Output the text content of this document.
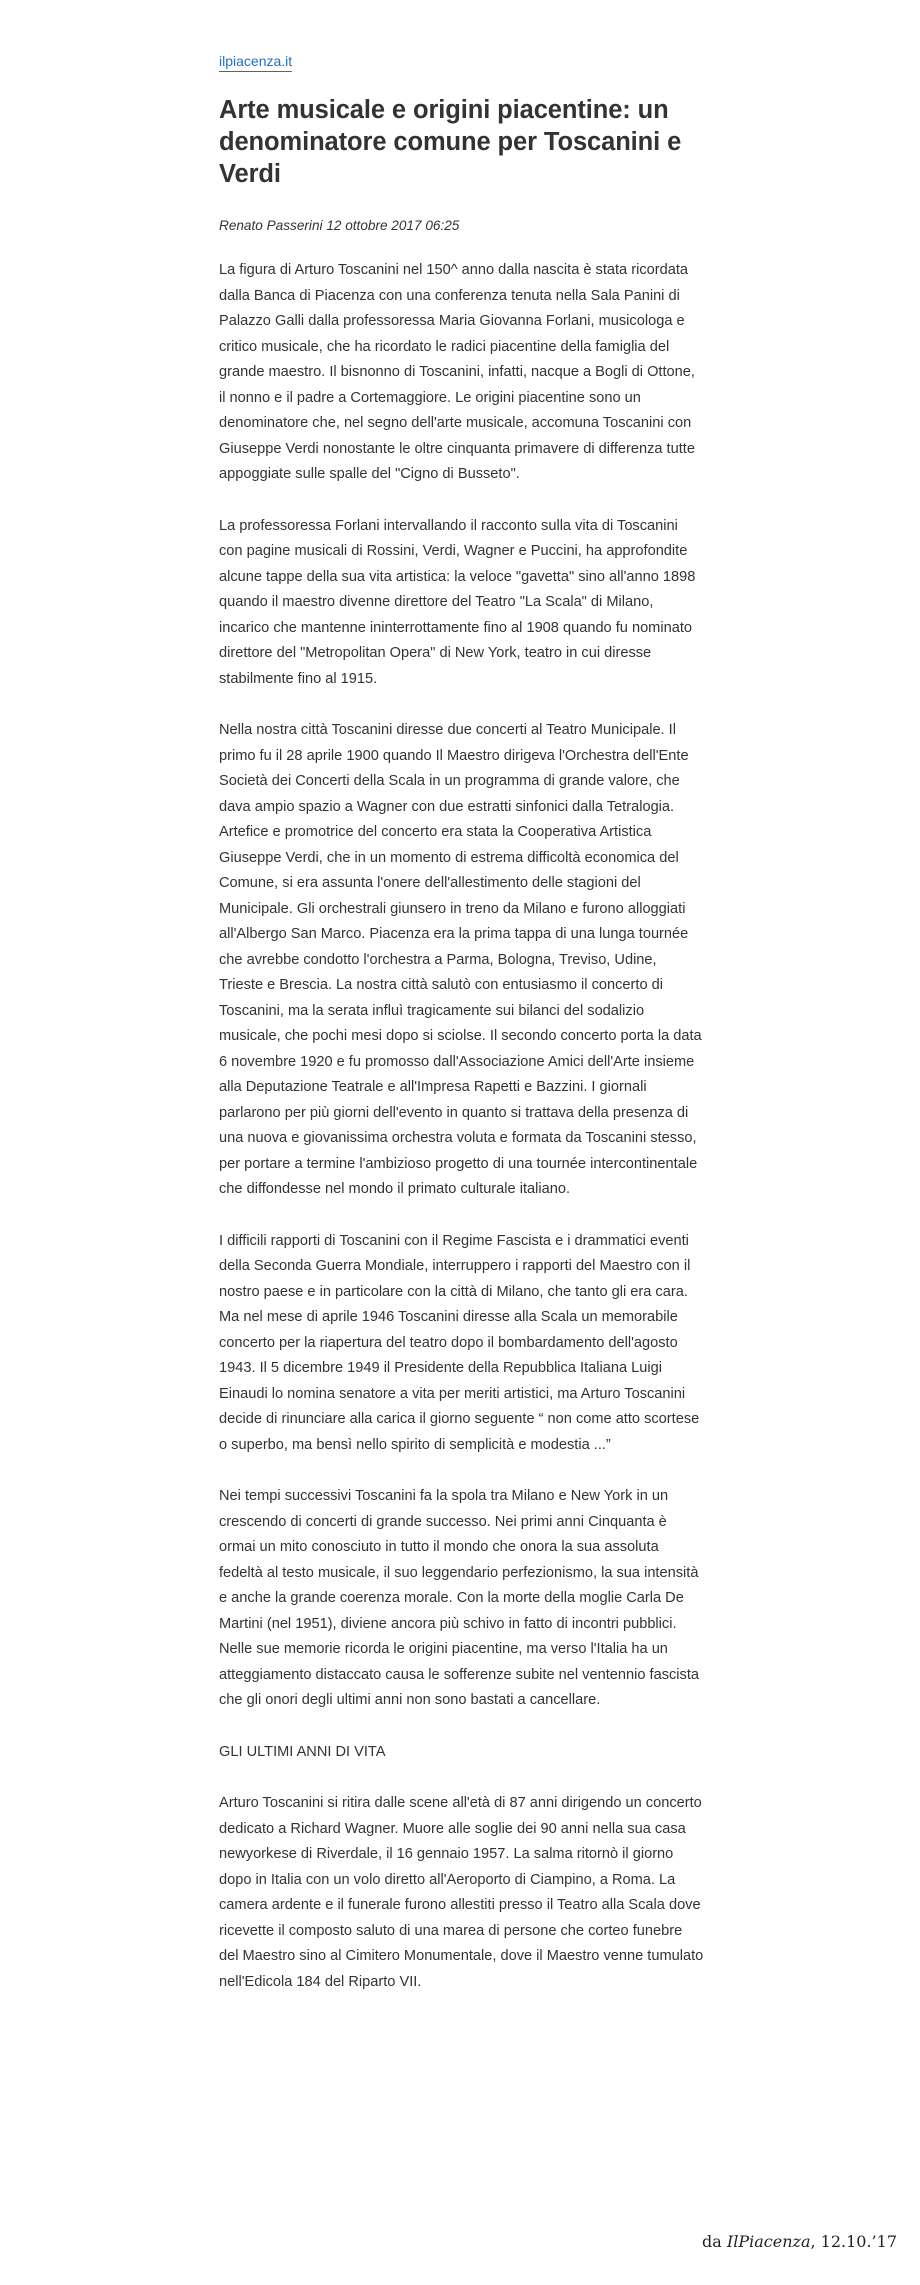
ilpiacenza.it
Arte musicale e origini piacentine: un denominatore comune per Toscanini e Verdi
Renato Passerini 12 ottobre 2017 06:25

La figura di Arturo Toscanini nel 150^ anno dalla nascita è stata ricordata dalla Banca di Piacenza con una conferenza tenuta nella Sala Panini di Palazzo Galli dalla professoressa Maria Giovanna Forlani, musicologa e critico musicale, che ha ricordato le radici piacentine della famiglia del grande maestro. Il bisnonno di Toscanini, infatti, nacque a Bogli di Ottone, il nonno e il padre a Cortemaggiore. Le origini piacentine sono un denominatore che, nel segno dell'arte musicale, accomuna Toscanini con Giuseppe Verdi nonostante le oltre cinquanta primavere di differenza tutte appoggiate sulle spalle del "Cigno di Busseto".

La professoressa Forlani intervallando il racconto sulla vita di Toscanini con pagine musicali di Rossini, Verdi, Wagner e Puccini, ha approfondite alcune tappe della sua vita artistica: la veloce "gavetta" sino all'anno 1898 quando il maestro divenne direttore del Teatro "La Scala" di Milano, incarico che mantenne ininterrottamente fino al 1908 quando fu nominato direttore del "Metropolitan Opera" di New York, teatro in cui diresse stabilmente fino al 1915.

Nella nostra città Toscanini diresse due concerti al Teatro Municipale. Il primo fu il 28 aprile 1900 quando Il Maestro dirigeva l'Orchestra dell'Ente Società dei Concerti della Scala in un programma di grande valore, che dava ampio spazio a Wagner con due estratti sinfonici dalla Tetralogia. Artefice e promotrice del concerto era stata la Cooperativa Artistica Giuseppe Verdi, che in un momento di estrema difficoltà economica del Comune, si era assunta l'onere dell'allestimento delle stagioni del Municipale. Gli orchestrali giunsero in treno da Milano e furono alloggiati all'Albergo San Marco. Piacenza era la prima tappa di una lunga tournée che avrebbe condotto l'orchestra a Parma, Bologna, Treviso, Udine, Trieste e Brescia. La nostra città salutò con entusiasmo il concerto di Toscanini, ma la serata influì tragicamente sui bilanci del sodalizio musicale, che pochi mesi dopo si sciolse. Il secondo concerto porta la data 6 novembre 1920 e fu promosso dall'Associazione Amici dell'Arte insieme alla Deputazione Teatrale e all'Impresa Rapetti e Bazzini. I giornali parlarono per più giorni dell'evento in quanto si trattava della presenza di una nuova e giovanissima orchestra voluta e formata da Toscanini stesso, per portare a termine l'ambizioso progetto di una tournée intercontinentale che diffondesse nel mondo il primato culturale italiano.

I difficili rapporti di Toscanini con il Regime Fascista e i drammatici eventi della Seconda Guerra Mondiale, interruppero i rapporti del Maestro con il nostro paese e in particolare con la città di Milano, che tanto gli era cara. Ma nel mese di aprile 1946 Toscanini diresse alla Scala un memorabile concerto per la riapertura del teatro dopo il bombardamento dell'agosto 1943. Il 5 dicembre 1949 il Presidente della Repubblica Italiana Luigi Einaudi lo nomina senatore a vita per meriti artistici, ma Arturo Toscanini decide di rinunciare alla carica il giorno seguente “ non come atto scortese o superbo, ma bensì nello spirito di semplicità e modestia ...”

Nei tempi successivi Toscanini fa la spola tra Milano e New York in un crescendo di concerti di grande successo. Nei primi anni Cinquanta è ormai un mito conosciuto in tutto il mondo che onora la sua assoluta fedeltà al testo musicale, il suo leggendario perfezionismo, la sua intensità e anche la grande coerenza morale. Con la morte della moglie Carla De Martini (nel 1951), diviene ancora più schivo in fatto di incontri pubblici. Nelle sue memorie ricorda le origini piacentine, ma verso l'Italia ha un atteggiamento distaccato causa le sofferenze subite nel ventennio fascista che gli onori degli ultimi anni non sono bastati a cancellare.

GLI ULTIMI ANNI DI VITA

Arturo Toscanini si ritira dalle scene all'età di 87 anni dirigendo un concerto dedicato a Richard Wagner. Muore alle soglie dei 90 anni nella sua casa newyorkese di Riverdale, il 16 gennaio 1957. La salma ritornò il giorno dopo in Italia con un volo diretto all'Aeroporto di Ciampino, a Roma. La camera ardente e il funerale furono allestiti presso il Teatro alla Scala dove ricevette il composto saluto di una marea di persone che corteo funebre del Maestro sino al Cimitero Monumentale, dove il Maestro venne tumulato nell'Edicola 184 del Riparto VII.

da IlPiacenza, 12.10.’17
